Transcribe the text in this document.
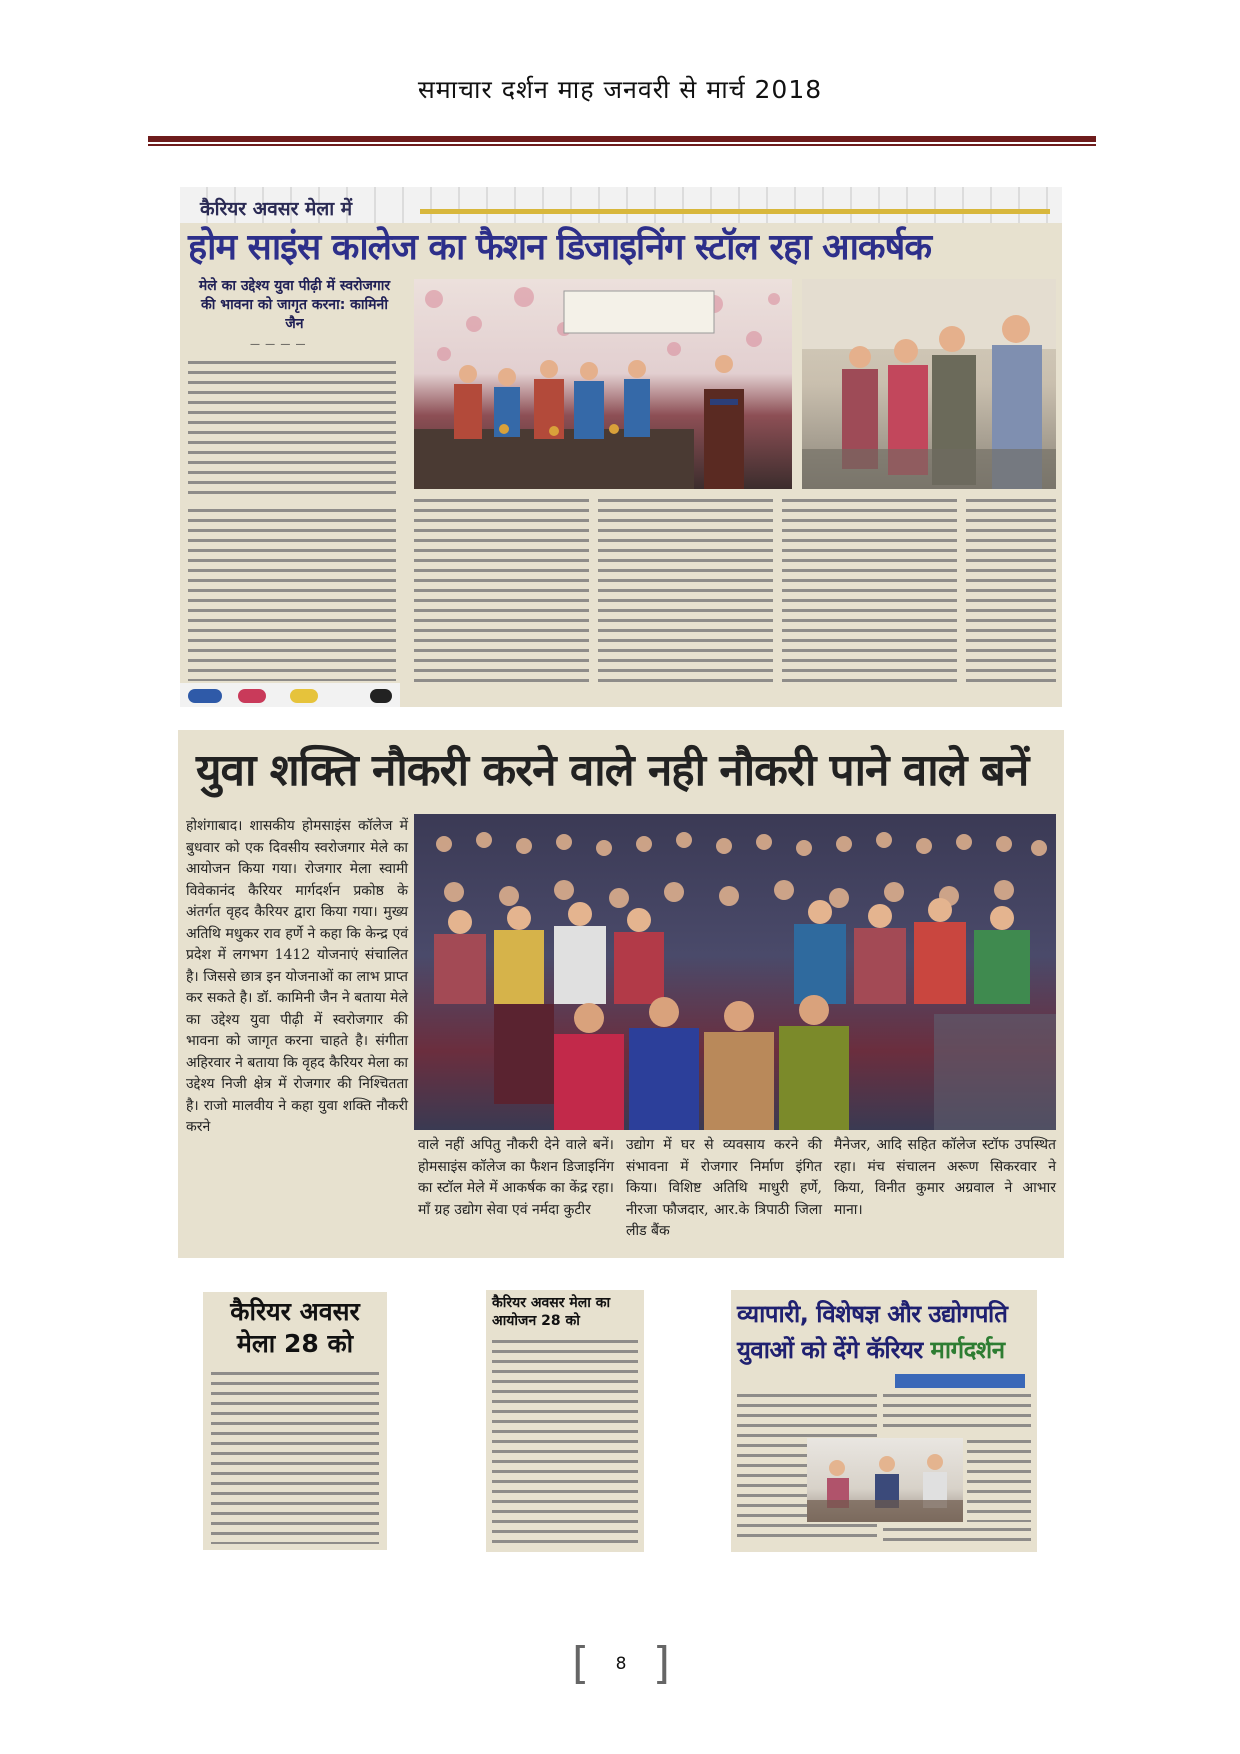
समाचार दर्शन माह जनवरी से मार्च 2018
कैरियर अवसर मेला में
होम साइंस कालेज का फैशन डिजाइनिंग स्टॉल रहा आकर्षक
मेले का उद्देश्य युवा पीढ़ी में स्वरोजगार की भावना को जागृत करना: कामिनी जैन
— — — —
युवा शक्ति नौकरी करने वाले नही नौकरी पाने वाले बनें
होशंगाबाद। शासकीय होमसाइंस कॉलेज में बुधवार को एक दिवसीय स्वरोजगार मेले का आयोजन किया गया। रोजगार मेला स्वामी विवेकानंद कैरियर मार्गदर्शन प्रकोष्ठ के अंतर्गत वृहद कैरियर द्वारा किया गया। मुख्य अतिथि मधुकर राव हर्णे ने कहा कि केन्द्र एवं प्रदेश में लगभग 1412 योजनाएं संचालित है। जिससे छात्र इन योजनाओं का लाभ प्राप्त कर सकते है। डॉ. कामिनी जैन ने बताया मेले का उद्देश्य युवा पीढ़ी में स्वरोजगार की भावना को जागृत करना चाहते है। संगीता अहिरवार ने बताया कि वृहद कैरियर मेला का उद्देश्य निजी क्षेत्र में रोजगार की निश्चितता है। राजो मालवीय ने कहा युवा शक्ति नौकरी करने
वाले नहीं अपितु नौकरी देने वाले बनें। होमसाइंस कॉलेज का फैशन डिजाइनिंग का स्टॉल मेले में आकर्षक का केंद्र रहा। माँ ग्रह उद्योग सेवा एवं नर्मदा कुटीर
उद्योग में घर से व्यवसाय करने की संभावना में रोजगार निर्माण इंगित किया। विशिष्ट अतिथि माधुरी हर्णे, नीरजा फौजदार, आर.के त्रिपाठी जिला लीड बैंक
मैनेजर, आदि सहित कॉलेज स्टॉफ उपस्थित रहा। मंच संचालन अरूण सिकरवार ने किया, विनीत कुमार अग्रवाल ने आभार माना।
कैरियर अवसर मेला 28 को
कैरियर अवसर मेला का आयोजन 28 को	व्यापारी, विशेषज्ञ और उद्योगपति युवाओं को देंगे कॅरियर मार्गदर्शन
[	8 ]
